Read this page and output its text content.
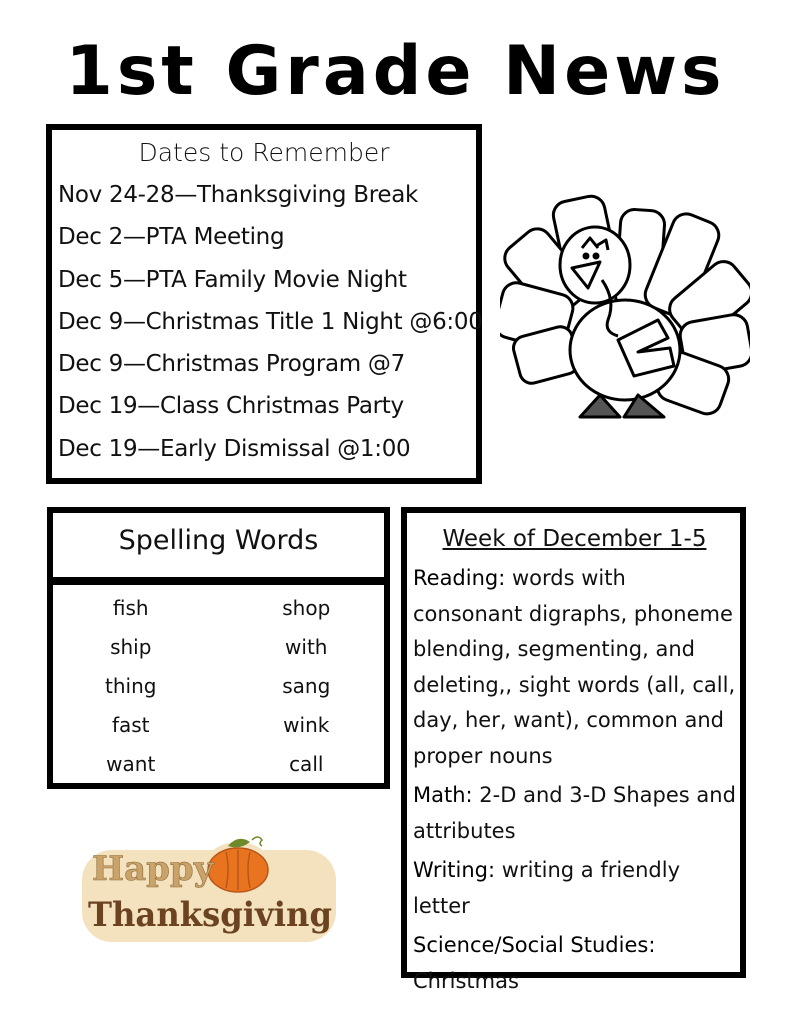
1st Grade News
Dates to Remember
Nov 24-28—Thanksgiving Break
Dec 2—PTA Meeting
Dec 5—PTA Family Movie Night
Dec 9—Christmas Title 1 Night @6:00
Dec 9—Christmas Program @7
Dec 19—Class Christmas Party
Dec 19—Early Dismissal @1:00
Spelling Words
fish	shop
ship	with
thing	sang
fast	wink
want	call
Week of December 1-5

Reading: words with consonant digraphs, phoneme blending, segmenting, and deleting,, sight words (all, call, day, her, want), common and proper nouns

Math: 2-D and 3-D Shapes and attributes

Writing: writing a friendly letter

Science/Social Studies:
Christmas

Happy
Thanksgiving
